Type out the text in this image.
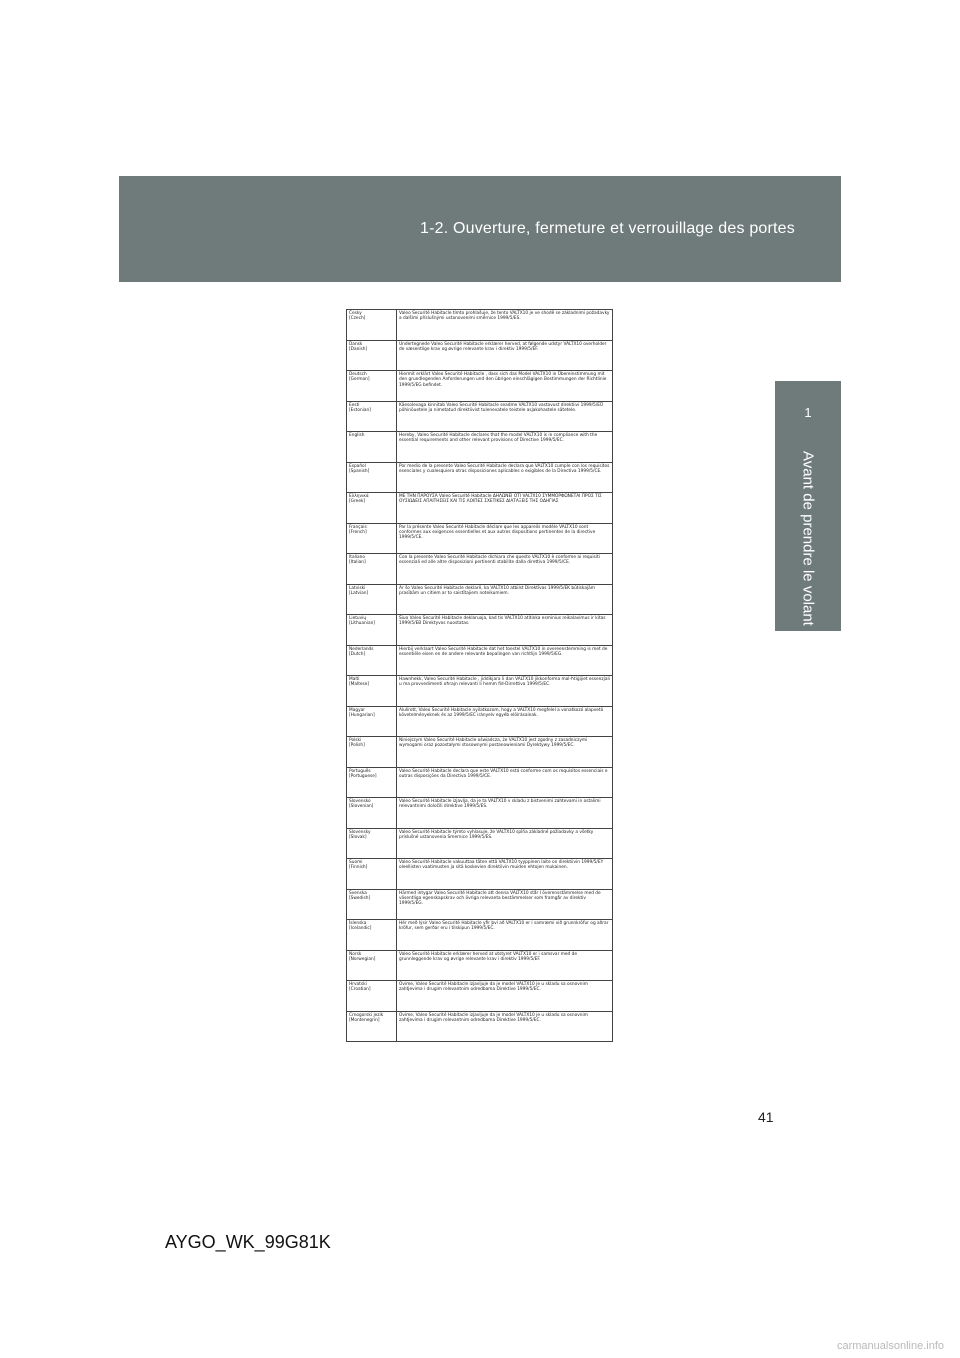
1-2. Ouverture, fermeture et verrouillage des portes
1
Avant de prendre le volant
Česky
[Czech]	Valeo Securité Habitacle tímto prohlašuje, že tento VALTX10 je ve shodě se základními požadavky a dalšími příslušnými ustanoveními směrnice 1999/5/ES.
Dansk
[Danish]	Undertegnede Valeo Securité Habitacle erklærer herved, at følgende udstyr VALTX10 overholder de væsentlige krav og øvrige relevante krav i direktiv 1999/5/EF.
Deutsch
[German]	Hiermit erklärt Valeo Securité Habitacle , dass sich das Model VALTX10 in Übereinstimmung mit den grundlegenden Anforderungen und den übrigen einschlägigen Bestimmungen der Richtlinie 1999/5/EG befindet.
Eesti
[Estonian]	Käesolevaga kinnitab Valeo Securité Habitacle seadme VALTX10 vastavust direktiivi 1999/5/EÜ põhinõuetele ja nimetatud direktiivist tulenevatele teistele asjakohastele sätetele.
English	Hereby, Valeo Securité Habitacle declares that the model VALTX10 is in compliance with the essential requirements and other relevant provisions of Directive 1999/5/EC.
Español
[Spanish]	Por medio de la presente Valeo Securité Habitacle declara que VALTX10 cumple con los requisitos esenciales y cualesquiera otras disposiciones aplicables o exigibles de la Directiva 1999/5/CE.
Ελληνικά
[Greek]	ΜΕ ΤΗΝ ΠΑΡΟΥΣΑ Valeo Securité Habitacle ΔΗΛΩΝΕΙ ΟΤΙ VALTX10 ΣΥΜΜΟΡΦΩΝΕΤΑΙ ΠΡΟΣ ΤΙΣ ΟΥΣΙΩΔΕΙΣ ΑΠΑΙΤΗΣΕΙΣ ΚΑΙ ΤΙΣ ΛΟΙΠΕΣ ΣΧΕΤΙΚΕΣ ΔΙΑΤΑΞΕΙΣ ΤΗΣ ΟΔΗΓΙΑΣ
Français
[French]	Par la présente Valeo Securité Habitacle déclare que les appareils modèle VALTX10 sont conformes aux exigences essentielles et aux autres dispositions pertinentes de la directive 1999/5/CE.
Italiano
[Italian]	Con la presente Valeo Securité Habitacle dichiara che questo VALTX10 è conforme ai requisiti essenziali ed alle altre disposizioni pertinenti stabilite dalla direttiva 1999/5/CE.
Latviski
[Latvian]	Ar šo Valeo Securité Habitacle deklarē, ka VALTX10 atbilst Direktīvas 1999/5/EK būtiskajām prasībām un citiem ar to saistītajiem noteikumiem.
Lietuvių
[Lithuanian]	Šiuo Valeo Securité Habitacle deklaruoja, kad tis VALTX10 atitinka esminius reikalavimus ir kitas 1999/5/EB Direktyvos nuostatas.
Nederlands
[Dutch]	Hierbij verklaart Valeo Securité Habitacle dat het toestel VALTX10 in overeenstemming is met de essentiële eisen en de andere relevante bepalingen van richtlijn 1999/5/EG.
Malti
[Maltese]	Hawnhekk, Valeo Securité Habitacle , jiddikjara li dan VALTX10 jikkonforma mal-ħtiġijiet essenzjali u ma provvedimenti oħrajn relevanti li hemm fid-Dirrettiva 1999/5/EC.
Magyar
[Hungarian]	Alulírott, Valeo Securité Habitacle nyilatkozom, hogy a VALTX10 megfelel a vonatkozó alapvetõ követelményeknek és az 1999/5/EC irányelv egyéb elõírásainak.
Polski
[Polish]	Niniejszym Valeo Securité Habitacle oświadcza, że VALTX10 jest zgodny z zasadniczymi wymogami oraz pozostałymi stosownymi postanowieniami Dyrektywy 1999/5/EC.
Português
[Portuguese]	Valeo Securité Habitacle declara que este VALTX10 está conforme com os requisitos essenciais e outras disposições da Directiva 1999/5/CE.
Slovensko
[Slovenian]	Valeo Securité Habitacle izjavlja, da je ta VALTX10 v skladu z bistvenimi zahtevami in ostalimi relevantnimi določili direktive 1999/5/ES.
Slovensky
[Slovak]	Valeo Securité Habitacle týmto vyhlasuje, že VALTX10 spĺňa základné požiadavky a všetky príslušné ustanovenia Smernice 1999/5/ES.
Suomi
[Finnish]	Valeo Securité Habitacle vakuuttaa täten että VALTX10 tyyppinen laite on direktiivin 1999/5/EY oleellisten vaatimusten ja sitä koskevien direktiivin muiden ehtojen mukainen.
Svenska
[Swedish]	Härmed intygar Valeo Securité Habitacle att denna VALTX10 står I överensstämmelse med de väsentliga egenskapskrav och övriga relevanta bestämmelser som framgår av direktiv 1999/5/EG.
Íslenska
[Icelandic]	Hér með lýsir Valeo Securité Habitacle yfir því að VALTX10 er í samræmi við grunnkröfur og aðrar kröfur, sem gerðar eru í tilskipun 1999/5/EC.
Norsk
[Norwegian]	Valeo Securité Habitacle erklærer herved at utstyret VALTX10 er i samsvar med de grunnleggende krav og øvrige relevante krav i direktiv 1999/5/EF.
Hrvatski
[Croatian]	Ovime, Valeo Securité Habitacle izjavljuje da je model VALTX10 je u skladu sa osnovnim zahtjevima i drugim relevantnim odredbama Direktive 1999/5/EC.
Crnogorski jezik
[Montenegrin]	Ovime, Valeo Securité Habitacle izjavljuje da je model VALTX10 je u skladu sa osnovnim zahtjevima i drugim relevantnim odredbama Direktive 1999/5/EC.
41
AYGO_WK_99G81K
carmanualsonline.info
